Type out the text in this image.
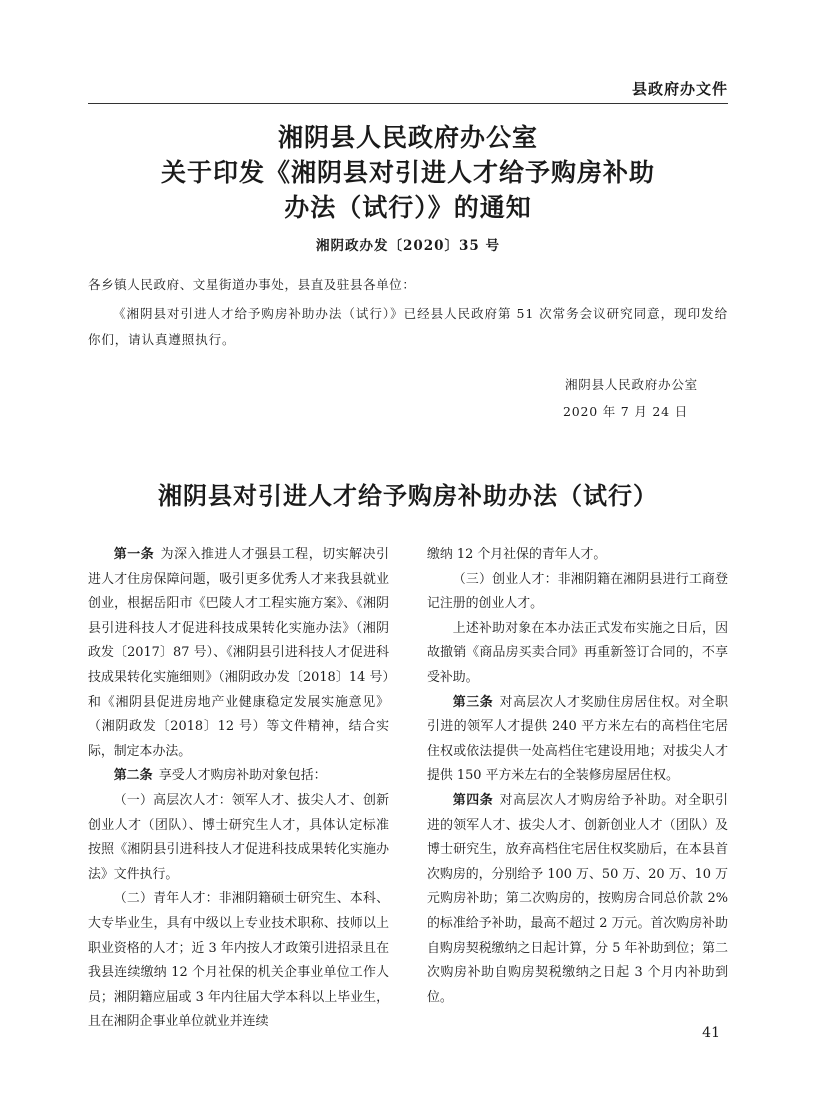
县政府办文件
湘阴县人民政府办公室
关于印发《湘阴县对引进人才给予购房补助
办法（试行）》的通知
湘阴政办发〔2020〕35 号
各乡镇人民政府、文星街道办事处，县直及驻县各单位：
《湘阴县对引进人才给予购房补助办法（试行）》已经县人民政府第 51 次常务会议研究同意，现印发给你们，请认真遵照执行。
湘阴县人民政府办公室
2020 年 7 月 24 日
湘阴县对引进人才给予购房补助办法（试行）

第一条 为深入推进人才强县工程，切实解决引进人才住房保障问题，吸引更多优秀人才来我县就业创业，根据岳阳市《巴陵人才工程实施方案》、《湘阴县引进科技人才促进科技成果转化实施办法》（湘阴政发〔2017〕87 号）、《湘阴县引进科技人才促进科技成果转化实施细则》（湘阴政办发〔2018〕14 号）和《湘阴县促进房地产业健康稳定发展实施意见》（湘阴政发〔2018〕12 号）等文件精神，结合实际，制定本办法。

第二条 享受人才购房补助对象包括：

（一）高层次人才：领军人才、拔尖人才、创新创业人才（团队）、博士研究生人才，具体认定标准按照《湘阴县引进科技人才促进科技成果转化实施办法》文件执行。

（二）青年人才：非湘阴籍硕士研究生、本科、大专毕业生，具有中级以上专业技术职称、技师以上职业资格的人才；近 3 年内按人才政策引进招录且在我县连续缴纳 12 个月社保的机关企事业单位工作人员；湘阴籍应届或 3 年内往届大学本科以上毕业生，且在湘阴企事业单位就业并连续

缴纳 12 个月社保的青年人才。

（三）创业人才：非湘阴籍在湘阴县进行工商登记注册的创业人才。

上述补助对象在本办法正式发布实施之日后，因故撤销《商品房买卖合同》再重新签订合同的，不享受补助。

第三条 对高层次人才奖励住房居住权。对全职引进的领军人才提供 240 平方米左右的高档住宅居住权或依法提供一处高档住宅建设用地；对拔尖人才提供 150 平方米左右的全装修房屋居住权。

第四条 对高层次人才购房给予补助。对全职引进的领军人才、拔尖人才、创新创业人才（团队）及博士研究生，放弃高档住宅居住权奖励后，在本县首次购房的，分别给予 100 万、50 万、20 万、10 万元购房补助；第二次购房的，按购房合同总价款 2% 的标准给予补助，最高不超过 2 万元。首次购房补助自购房契税缴纳之日起计算，分 5 年补助到位；第二次购房补助自购房契税缴纳之日起 3 个月内补助到位。

41
